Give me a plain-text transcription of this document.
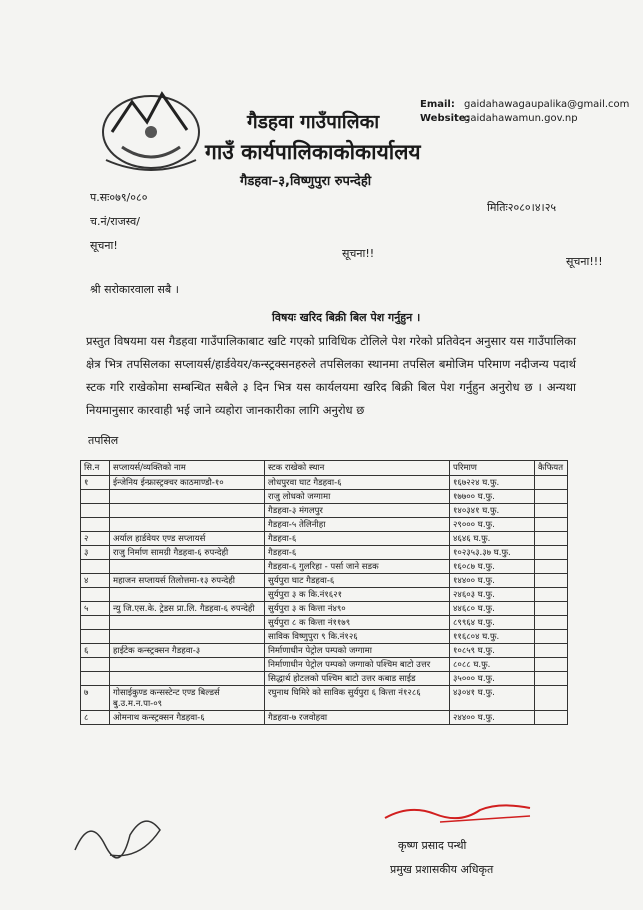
गैडहवा गाउँपालिका
गाउँ कार्यपालिकाकोकार्यालय
गैडहवा–३,विष्णुपुरा रुपन्देही
Email: gaidahawagaupalika@gmail.com
Website:gaidahawamun.gov.np
प.सः०७९/०८०
च.नं/राजस्व/
मितिः२०८०।४।२५
सूचना!
सूचना!!
सूचना!!!
श्री सरोकारवाला सबै ।
विषयः खरिद बिक्री बिल पेश गर्नुहुन ।
प्रस्तुत विषयमा यस गैडहवा गाउँपालिकाबाट खटि गएको प्राविधिक टोलिले पेश गरेको प्रतिवेदन अनुसार यस गाउँपालिका क्षेत्र भित्र तपसिलका सप्लायर्स/हार्डवेयर/कन्स्ट्रक्सनहरुले तपसिलका स्थानमा तपसिल बमोजिम परिमाण नदीजन्य पदार्थ स्टक गरि राखेकोमा सम्बन्धित सबैले ३ दिन भित्र यस कार्यलयमा खरिद बिक्री बिल पेश गर्नुहुन अनुरोध छ । अन्यथा नियमानुसार कारवाही भई जाने व्यहोरा जानकारीका लागि अनुरोध छ
तपसिल
सि.न	सप्लायर्स/व्यक्तिको नाम	स्टक राखेको स्थान	परिमाण	कैफियत
१	ईन्जेनिय ईन्फ्रास्ट्रक्चर काठमाण्डौ-१०	लोधपुरवा घाट गैडहवा-६	१६७२२४ घ.फु.	
		राजु लोधको जग्गामा	१७७०० घ.फु.	
		गैडहवा-३ मंगलपुर	१४०३४१ घ.फु.	
		गैडहवा-५ तेलिनीहा	२९००० घ.फु.	
२	अर्याल हार्डवेयर एण्ड सप्लायर्स	गैडहवा-६	४६४६ घ.फु.	
३	राजु निर्माण सामग्री गैडहवा-६ रुपन्देही	गैडहवा-६	१०२३५३.३७ घ.फु.	
		गैडहवा-६ गुलरिहा - पर्सा जाने सडक	१६०८७ घ.फु.	
४	महाजन सप्लायर्स तिलोत्तमा-१३ रुपन्देही	सुर्यपुरा घाट गैडहवा-६	१४४०० घ.फु.	
		सुर्यपुरा ३ क कि.नं१६२१	२४६०३ घ.फु.	
५	न्यु जि.एस.के. ट्रेडस प्रा.लि. गैडहवा-६ रुपन्देही	सुर्यपुरा ३ क कित्ता नं४९०	४४६८० घ.फु.	
		सुर्यपुरा ८ क कित्ता नं११७९	८९९६४ घ.फु.	
		साविक विष्णुपुरा ९ कि.नं१२६	११६८०४ घ.फु.	
६	हाईटेक कन्स्ट्रक्सन गैडहवा-३	निर्माणाधीन पेट्रोल पम्पको जग्गामा	१०८५९ घ.फु.	
		निर्माणाधीन पेट्रोल पम्पको जग्गाको पश्चिम बाटो उत्तर	८०८८ घ.फु.	
		सिद्धार्थ होटलको पश्चिम बाटो उत्तर कबाड साईड	३५००० घ.फु.	
७	गोसाईकुण्ड कन्सस्टेन्ट एण्ड बिल्डर्स बु.उ.म.न.पा-०९	रघुनाथ घिमिरे को साविक सुर्यपुरा ६ कित्ता नं१२८६	४३०४१ घ.फु.	
८	ओमनाथ कन्स्ट्रक्सन गैडहवा-६	गैडहवा-७ रजवोहवा	२४४०० घ.फु.	
कृष्ण प्रसाद पन्थी
प्रमुख प्रशासकीय अधिकृत
